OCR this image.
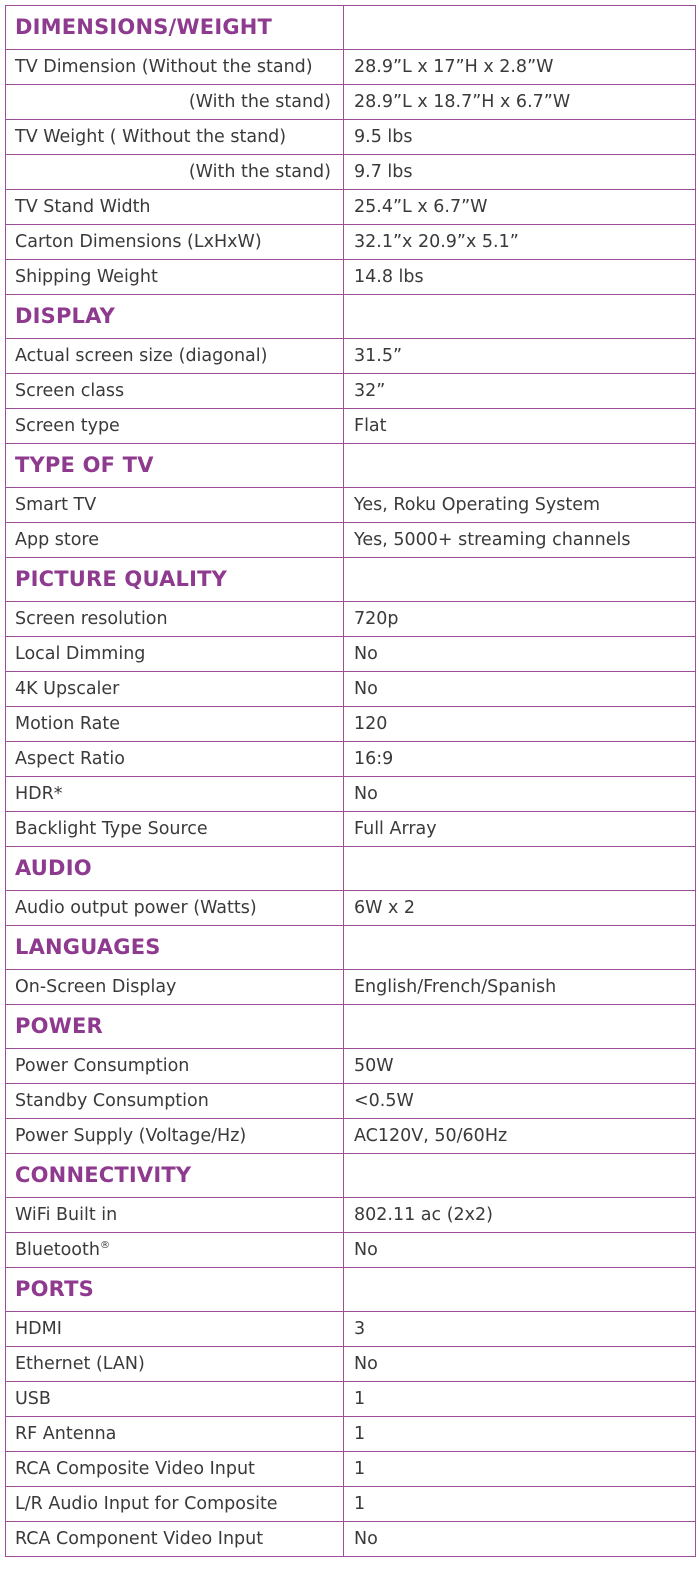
DIMENSIONS/WEIGHT	
TV Dimension (Without the stand)	28.9”L x 17”H x 2.8”W
(With the stand)	28.9”L x 18.7”H x 6.7”W
TV Weight ( Without the stand)	9.5 lbs
(With the stand)	9.7 lbs
TV Stand Width	25.4”L x 6.7”W
Carton Dimensions (LxHxW)	32.1”x 20.9”x 5.1”
Shipping Weight	14.8 lbs
DISPLAY	
Actual screen size (diagonal)	31.5”
Screen class	32”
Screen type	Flat
TYPE OF TV	
Smart TV	Yes, Roku Operating System
App store	Yes, 5000+ streaming channels
PICTURE QUALITY	
Screen resolution	720p
Local Dimming	No
4K Upscaler	No
Motion Rate	120
Aspect Ratio	16:9
HDR*	No
Backlight Type Source	Full Array
AUDIO	
Audio output power (Watts)	6W x 2
LANGUAGES	
On-Screen Display	English/French/Spanish
POWER	
Power Consumption	50W
Standby Consumption	<0.5W
Power Supply (Voltage/Hz)	AC120V, 50/60Hz
CONNECTIVITY	
WiFi Built in	802.11 ac (2x2)
Bluetooth®	No
PORTS	
HDMI	3
Ethernet (LAN)	No
USB	1
RF Antenna	1
RCA Composite Video Input	1
L/R Audio Input for Composite	1
RCA Component Video Input	No
